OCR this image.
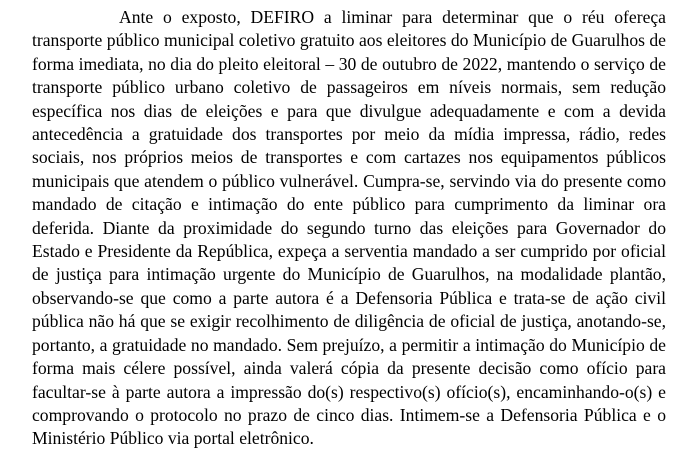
Ante o exposto, DEFIRO a liminar para determinar que o réu ofereça transporte público municipal coletivo gratuito aos eleitores do Município de Guarulhos de forma imediata, no dia do pleito eleitoral – 30 de outubro de 2022, mantendo o serviço de transporte público urbano coletivo de passageiros em níveis normais, sem redução específica nos dias de eleições e para que divulgue adequadamente e com a devida antecedência a gratuidade dos transportes por meio da mídia impressa, rádio, redes sociais, nos próprios meios de transportes e com cartazes nos equipamentos públicos municipais que atendem o público vulnerável. Cumpra-se, servindo via do presente como mandado de citação e intimação do ente público para cumprimento da liminar ora deferida. Diante da proximidade do segundo turno das eleições para Governador do Estado e Presidente da República, expeça a serventia mandado a ser cumprido por oficial de justiça para intimação urgente do Município de Guarulhos, na modalidade plantão, observando-se que como a parte autora é a Defensoria Pública e trata-se de ação civil pública não há que se exigir recolhimento de diligência de oficial de justiça, anotando-se, portanto, a gratuidade no mandado. Sem prejuízo, a permitir a intimação do Município de forma mais célere possível, ainda valerá cópia da presente decisão como ofício para facultar-se à parte autora a impressão do(s) respectivo(s) ofício(s), encaminhando-o(s) e comprovando o protocolo no prazo de cinco dias. Intimem-se a Defensoria Pública e o Ministério Público via portal eletrônico.
